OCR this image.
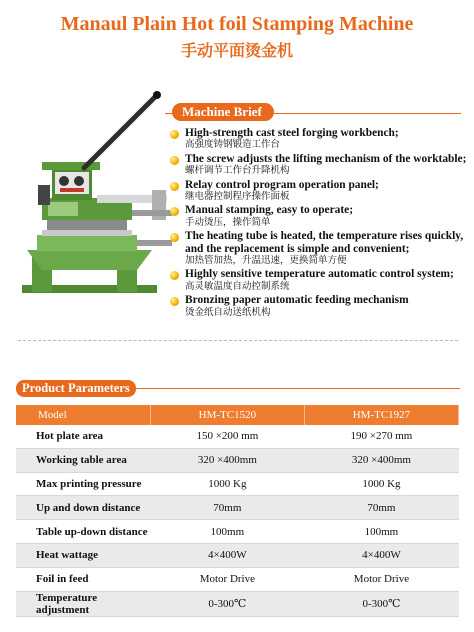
Manaul Plain Hot foil Stamping Machine
手动平面烫金机
Machine Brief
High-strength cast steel forging workbench;
高强度铸钢锻造工作台
The screw adjusts the lifting mechanism of the worktable;
螺杆调节工作台升降机构
Relay control program operation panel;
继电器控制程序操作面板
Manual stamping, easy to operate;
手动烫压，操作简单
The heating tube is heated, the temperature rises quickly, and the replacement is simple and convenient;
加热管加热，升温迅速，更换简单方便
Highly sensitive temperature automatic control system;
高灵敏温度自动控制系统
Bronzing paper automatic feeding mechanism
烫金纸自动送纸机构
Product Parameters
Model	HM-TC1520	HM-TC1927
Hot plate area	150 ×200 mm	190 ×270 mm
Working table area	320 ×400mm	320 ×400mm
Max printing pressure	1000 Kg	1000 Kg
Up and down distance	70mm	70mm
Table up-down distance	100mm	100mm
Heat wattage	4×400W	4×400W
Foil in feed	Motor Drive	Motor Drive
Temperature adjustment	0-300℃	0-300℃
